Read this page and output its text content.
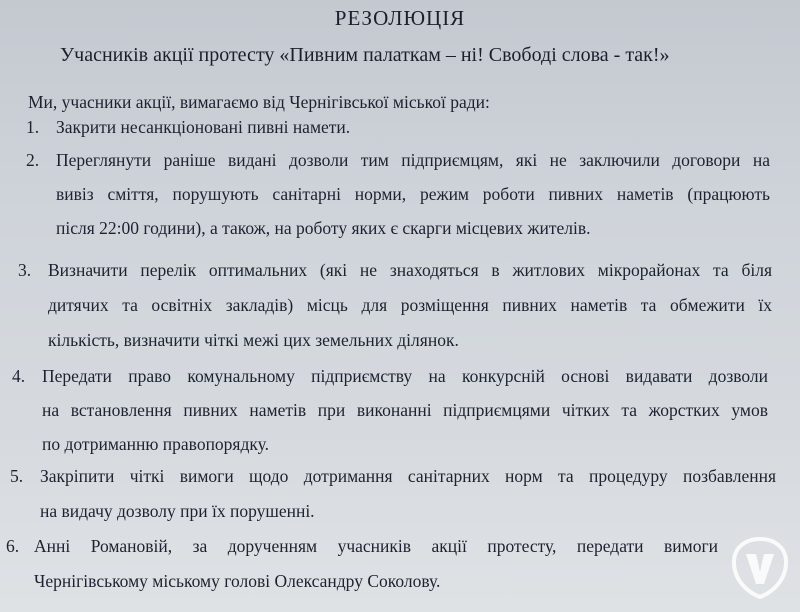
РЕЗОЛЮЦІЯ
Учасників акції протесту «Пивним палаткам – ні! Свободі слова - так!»
Ми, учасники акції, вимагаємо від Чернігівської міської ради:
1. Закрити несанкціоновані пивні намети.
2. Переглянути раніше видані дозволи тим підприємцям, які не заключили договори на
вивіз сміття, порушують санітарні норми, режим роботи пивних наметів (працюють
після 22:00 години), а також, на роботу яких є скарги місцевих жителів.
3. Визначити перелік оптимальних (які не знаходяться в житлових мікрорайонах та біля
дитячих та освітніх закладів) місць для розміщення пивних наметів та обмежити їх
кількість, визначити чіткі межі цих земельних ділянок.
4. Передати право комунальному підприємству на конкурсній основі видавати дозволи
на встановлення пивних наметів при виконанні підприємцями чітких та жорстких умов
по дотриманню правопорядку.
5. Закріпити чіткі вимоги щодо дотримання санітарних норм та процедуру позбавлення
на видачу дозволу при їх порушенні.
6. Анні Романовій, за дорученням учасників акції протесту, передати вимоги
Чернігівському міському голові Олександру Соколову.
